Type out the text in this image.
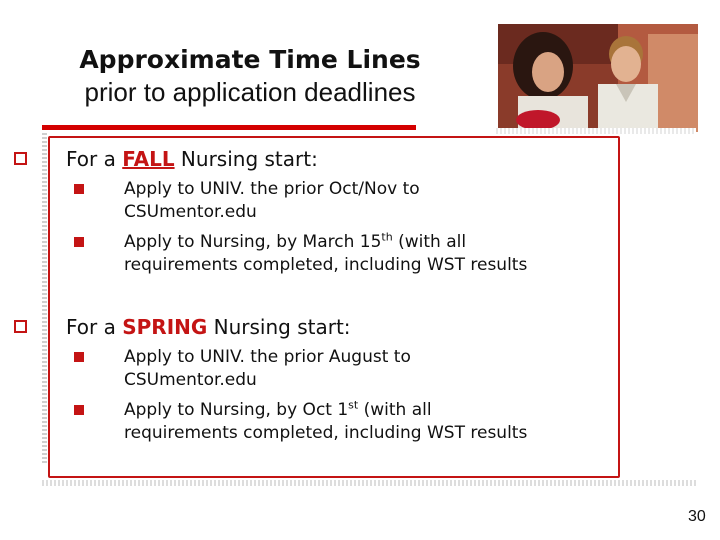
Approximate Time Lines
prior to application deadlines
For a FALL Nursing start:
Apply to UNIV. the prior Oct/Nov to
CSUmentor.edu
Apply to Nursing, by March 15th (with all
requirements completed, including WST results
For a SPRING Nursing start:
Apply to UNIV. the prior August to
CSUmentor.edu
Apply to Nursing, by Oct 1st (with all
requirements completed, including WST results
30
